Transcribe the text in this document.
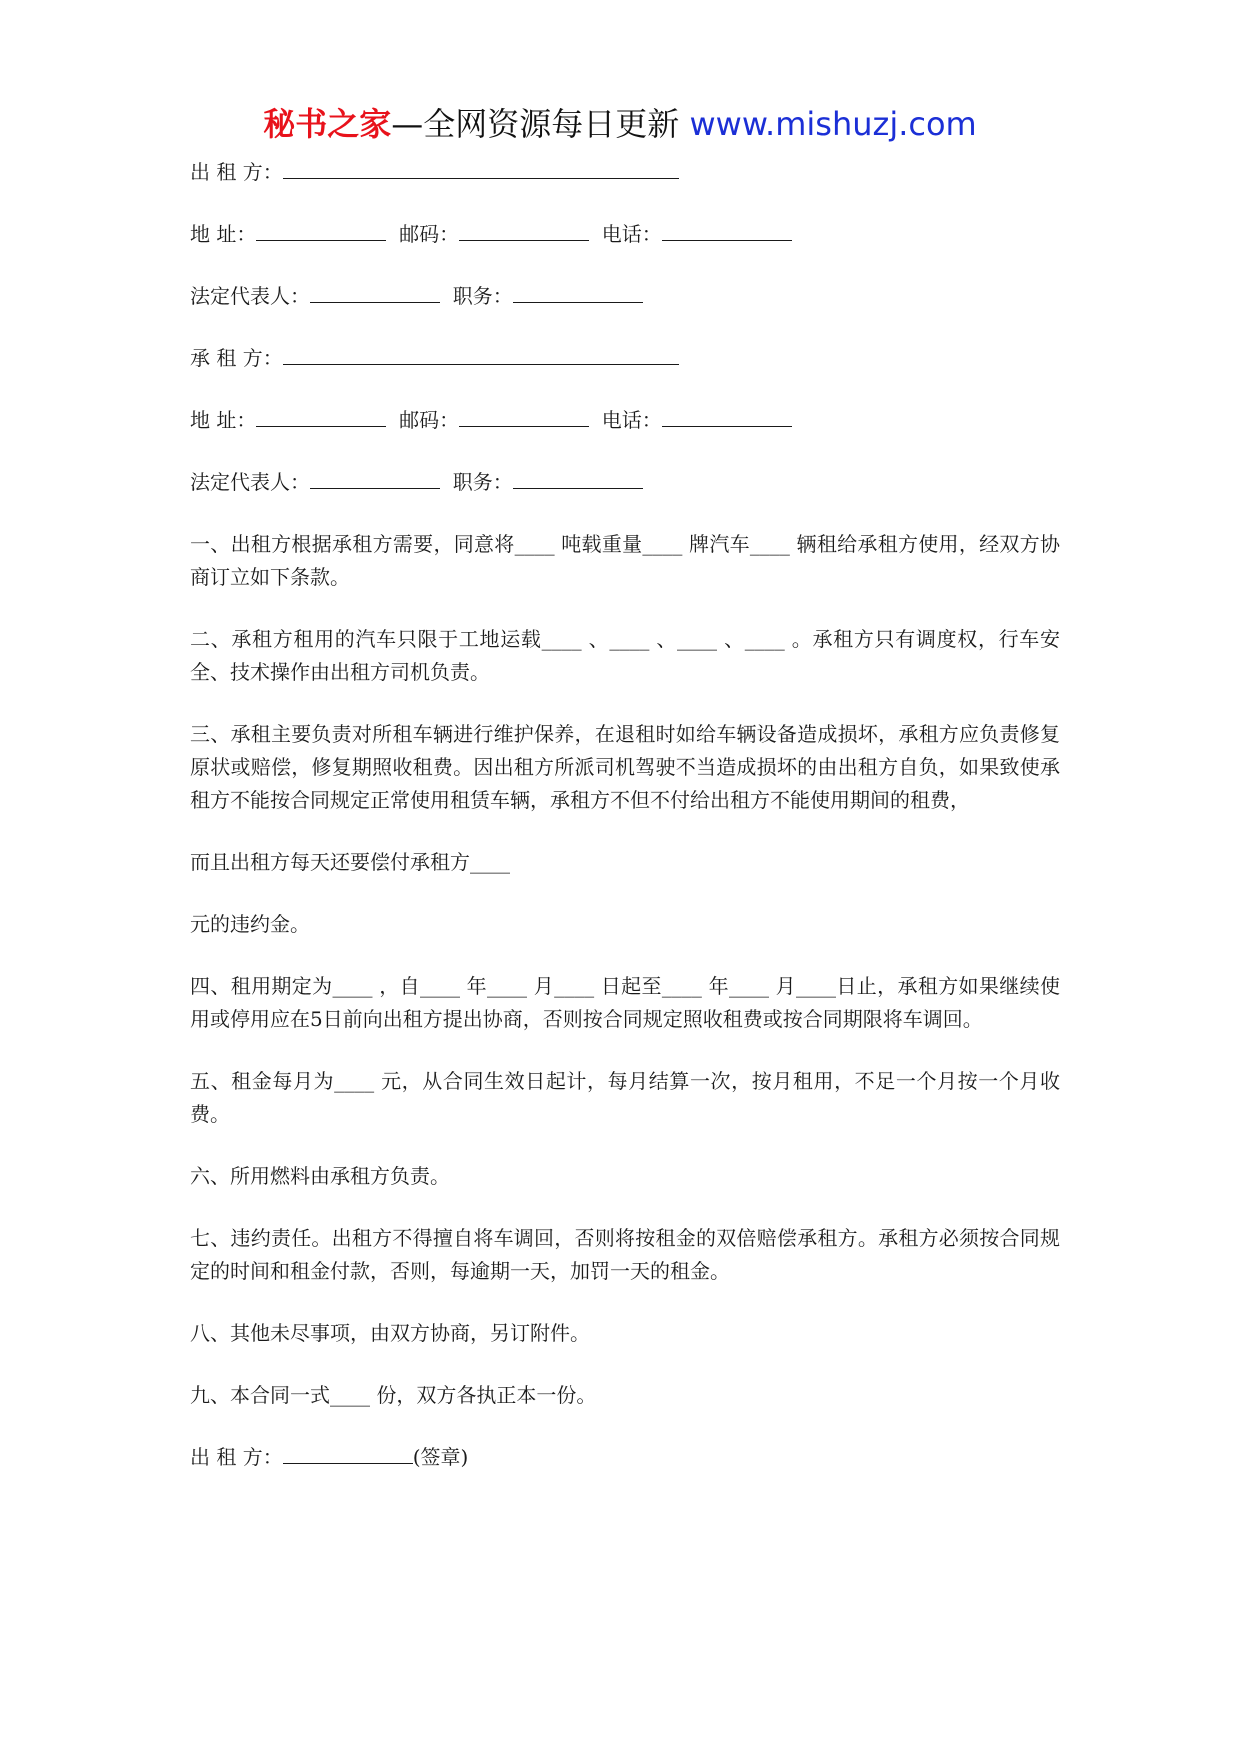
秘书之家—全网资源每日更新 www.mishuzj.com
出 租 方：
地 址：	邮码：	电话：
法定代表人：	职务：
承 租 方：
地 址：	邮码：	电话：
法定代表人：	职务：

一、出租方根据承租方需要，同意将____ 吨载重量____ 牌汽车____ 辆租给承租方使用，经双方协商订立如下条款。

二、承租方租用的汽车只限于工地运载____ 、____ 、____ 、____ 。承租方只有调度权，行车安全、技术操作由出租方司机负责。

三、承租主要负责对所租车辆进行维护保养，在退租时如给车辆设备造成损坏，承租方应负责修复原状或赔偿，修复期照收租费。因出租方所派司机驾驶不当造成损坏的由出租方自负，如果致使承租方不能按合同规定正常使用租赁车辆，承租方不但不付给出租方不能使用期间的租费，

而且出租方每天还要偿付承租方____

元的违约金。

四、租用期定为____ ，自____ 年____ 月____ 日起至____ 年____ 月____日止，承租方如果继续使用或停用应在5日前向出租方提出协商，否则按合同规定照收租费或按合同期限将车调回。

五、租金每月为____ 元，从合同生效日起计，每月结算一次，按月租用，不足一个月按一个月收费。

六、所用燃料由承租方负责。

七、违约责任。出租方不得擅自将车调回，否则将按租金的双倍赔偿承租方。承租方必须按合同规定的时间和租金付款，否则，每逾期一天，加罚一天的租金。

八、其他未尽事项，由双方协商，另订附件。

九、本合同一式____ 份，双方各执正本一份。

出 租 方：	(签章)
